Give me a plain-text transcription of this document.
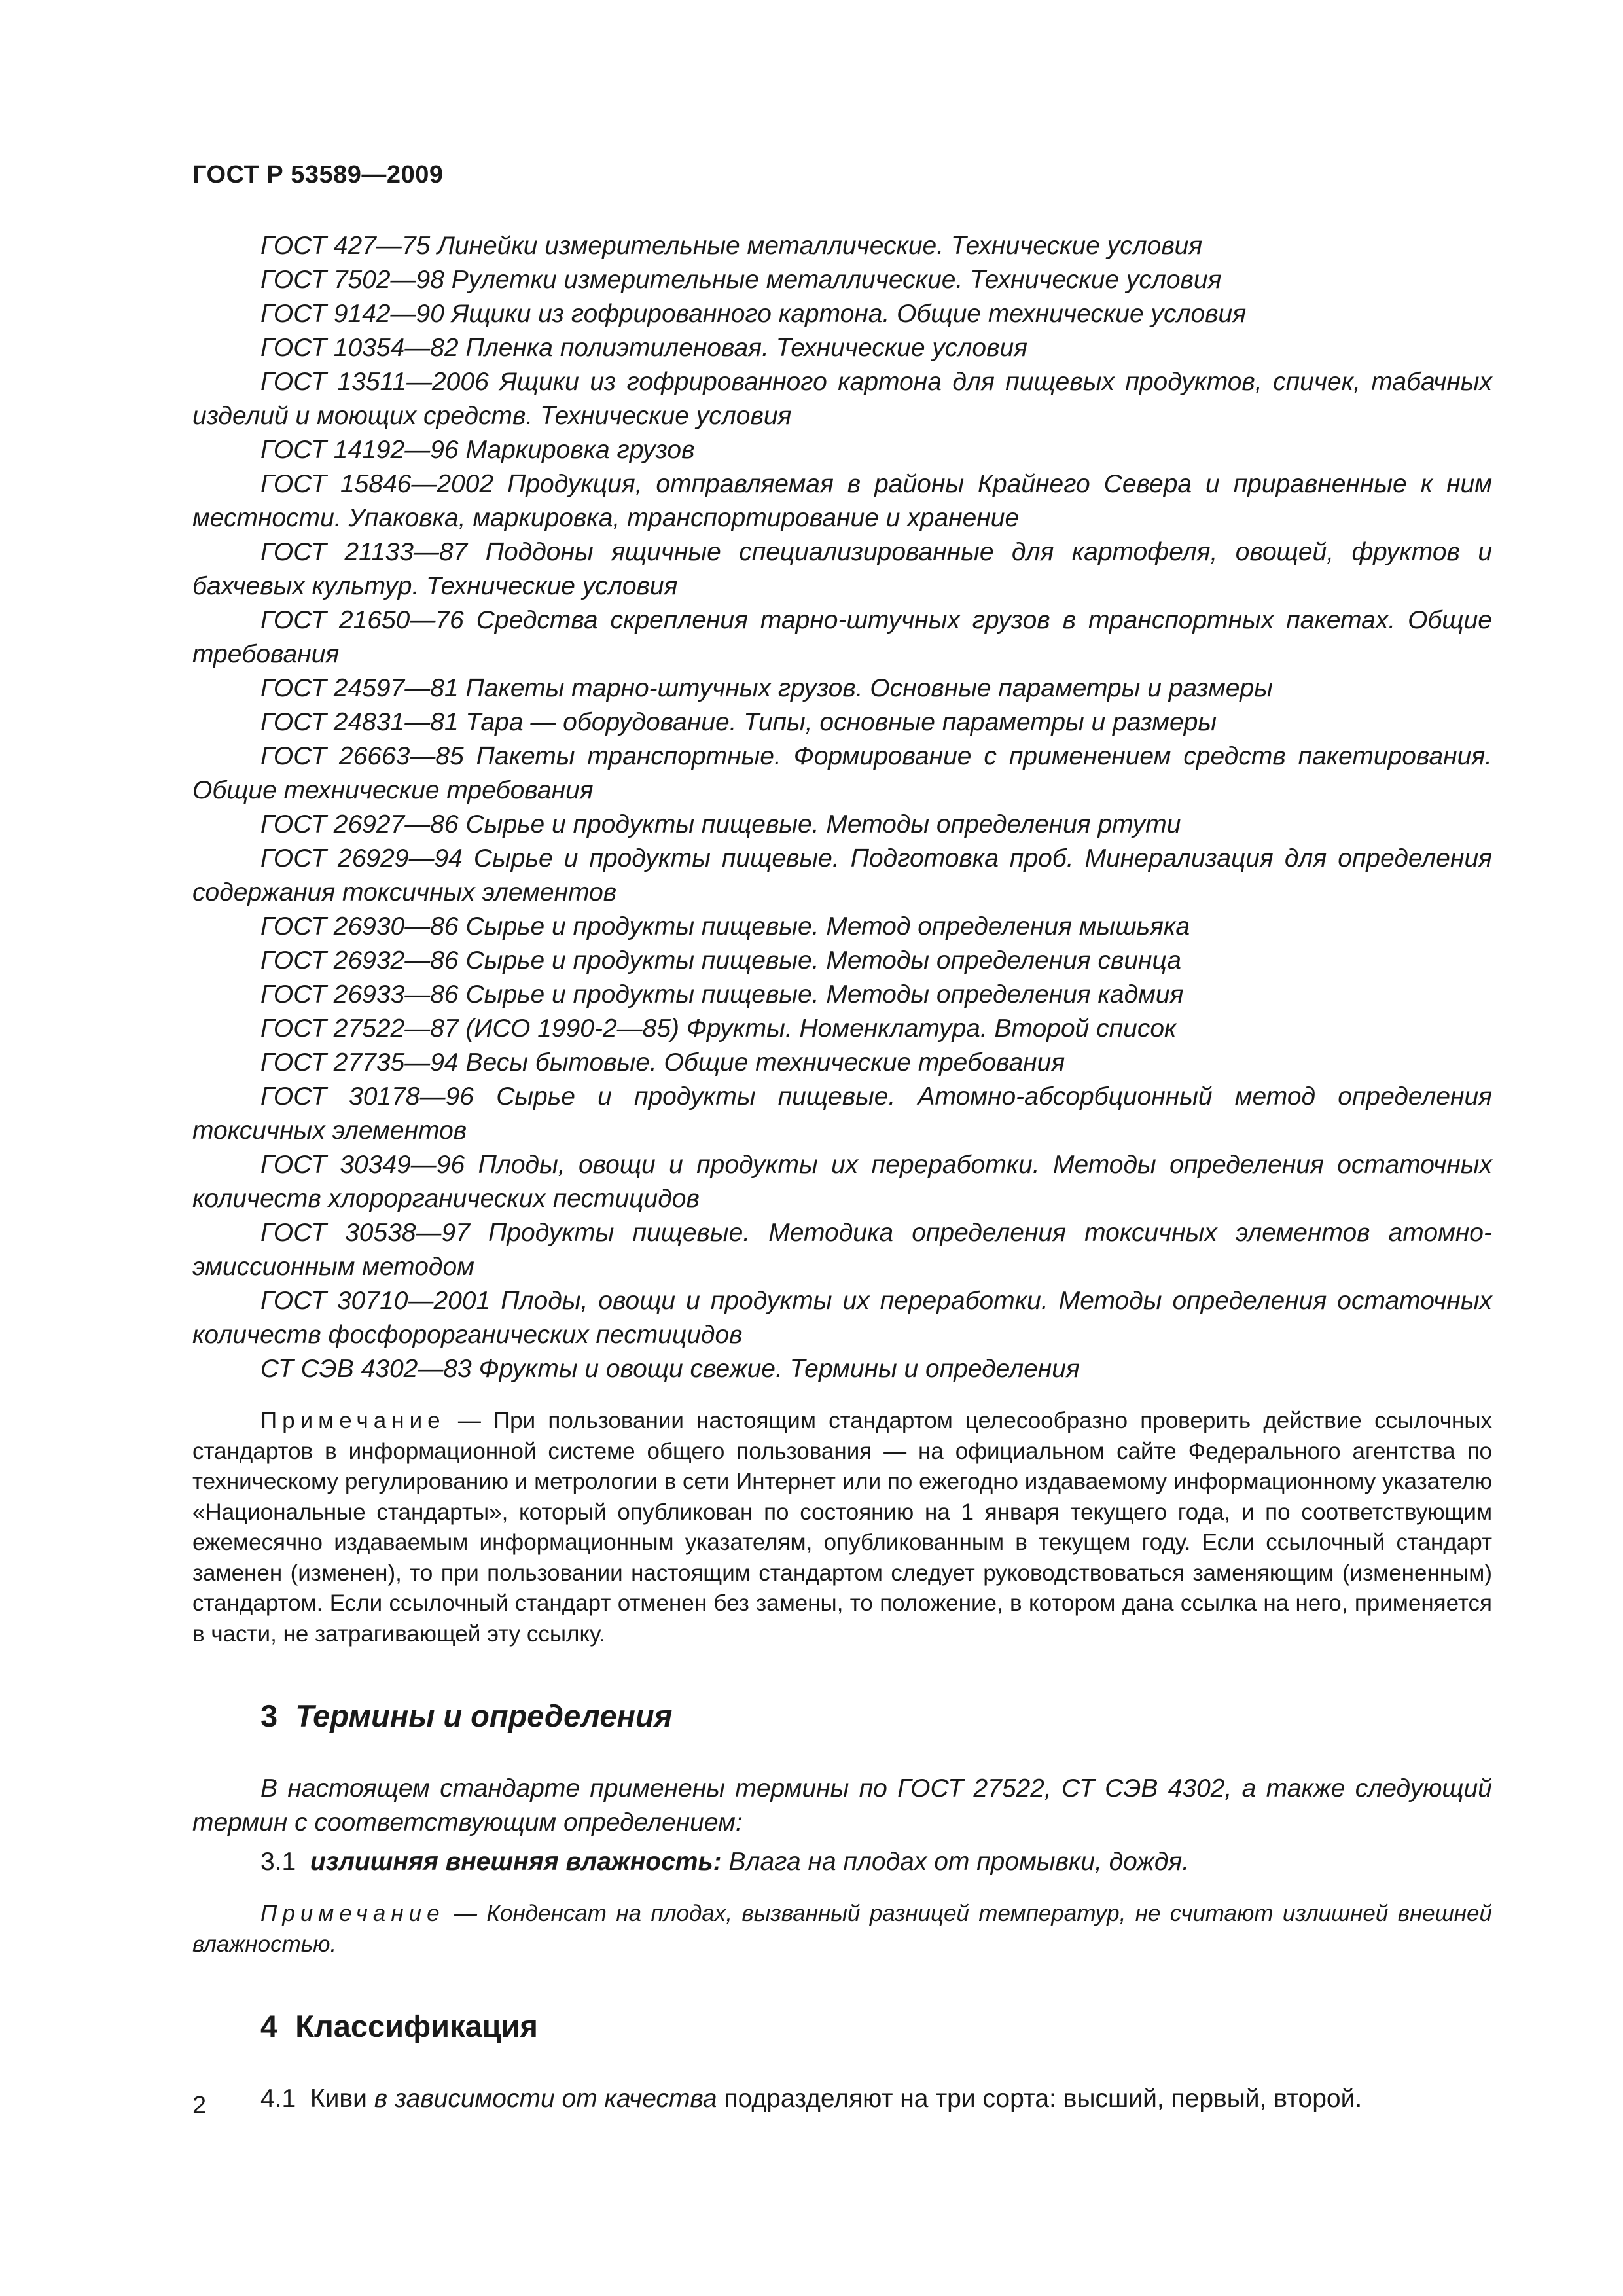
ГОСТ Р 53589—2009
ГОСТ 427—75 Линейки измерительные металлические. Технические условия
ГОСТ 7502—98 Рулетки измерительные металлические. Технические условия
ГОСТ 9142—90 Ящики из гофрированного картона. Общие технические условия
ГОСТ 10354—82 Пленка полиэтиленовая. Технические условия
ГОСТ 13511—2006 Ящики из гофрированного картона для пищевых продуктов, спичек, табачных изделий и моющих средств. Технические условия
ГОСТ 14192—96 Маркировка грузов
ГОСТ 15846—2002 Продукция, отправляемая в районы Крайнего Севера и приравненные к ним местности. Упаковка, маркировка, транспортирование и хранение
ГОСТ 21133—87 Поддоны ящичные специализированные для картофеля, овощей, фруктов и бахчевых культур. Технические условия
ГОСТ 21650—76 Средства скрепления тарно-штучных грузов в транспортных пакетах. Общие требования
ГОСТ 24597—81 Пакеты тарно-штучных грузов. Основные параметры и размеры
ГОСТ 24831—81 Тара — оборудование. Типы, основные параметры и размеры
ГОСТ 26663—85 Пакеты транспортные. Формирование с применением средств пакетирования. Общие технические требования
ГОСТ 26927—86 Сырье и продукты пищевые. Методы определения ртути
ГОСТ 26929—94 Сырье и продукты пищевые. Подготовка проб. Минерализация для определения содержания токсичных элементов
ГОСТ 26930—86 Сырье и продукты пищевые. Метод определения мышьяка
ГОСТ 26932—86 Сырье и продукты пищевые. Методы определения свинца
ГОСТ 26933—86 Сырье и продукты пищевые. Методы определения кадмия
ГОСТ 27522—87 (ИСО 1990-2—85) Фрукты. Номенклатура. Второй список
ГОСТ 27735—94 Весы бытовые. Общие технические требования
ГОСТ 30178—96 Сырье и продукты пищевые. Атомно-абсорбционный метод определения токсичных элементов
ГОСТ 30349—96 Плоды, овощи и продукты их переработки. Методы определения остаточных количеств хлорорганических пестицидов
ГОСТ 30538—97 Продукты пищевые. Методика определения токсичных элементов атомно-эмиссионным методом
ГОСТ 30710—2001 Плоды, овощи и продукты их переработки. Методы определения остаточных количеств фосфорорганических пестицидов
СТ СЭВ 4302—83 Фрукты и овощи свежие. Термины и определения
Примечание — При пользовании настоящим стандартом целесообразно проверить действие ссылочных стандартов в информационной системе общего пользования — на официальном сайте Федерального агентства по техническому регулированию и метрологии в сети Интернет или по ежегодно издаваемому информационному указателю «Национальные стандарты», который опубликован по состоянию на 1 января текущего года, и по соответствующим ежемесячно издаваемым информационным указателям, опубликованным в текущем году. Если ссылочный стандарт заменен (изменен), то при пользовании настоящим стандартом следует руководствоваться заменяющим (измененным) стандартом. Если ссылочный стандарт отменен без замены, то положение, в котором дана ссылка на него, применяется в части, не затрагивающей эту ссылку.
3 Термины и определения
В настоящем стандарте применены термины по ГОСТ 27522, СТ СЭВ 4302, а также следующий термин с соответствующим определением:
3.1 излишняя внешняя влажность: Влага на плодах от промывки, дождя.
Примечание — Конденсат на плодах, вызванный разницей температур, не считают излишней внешней влажностью.
4 Классификация
4.1 Киви в зависимости от качества подразделяют на три сорта: высший, первый, второй.
2
